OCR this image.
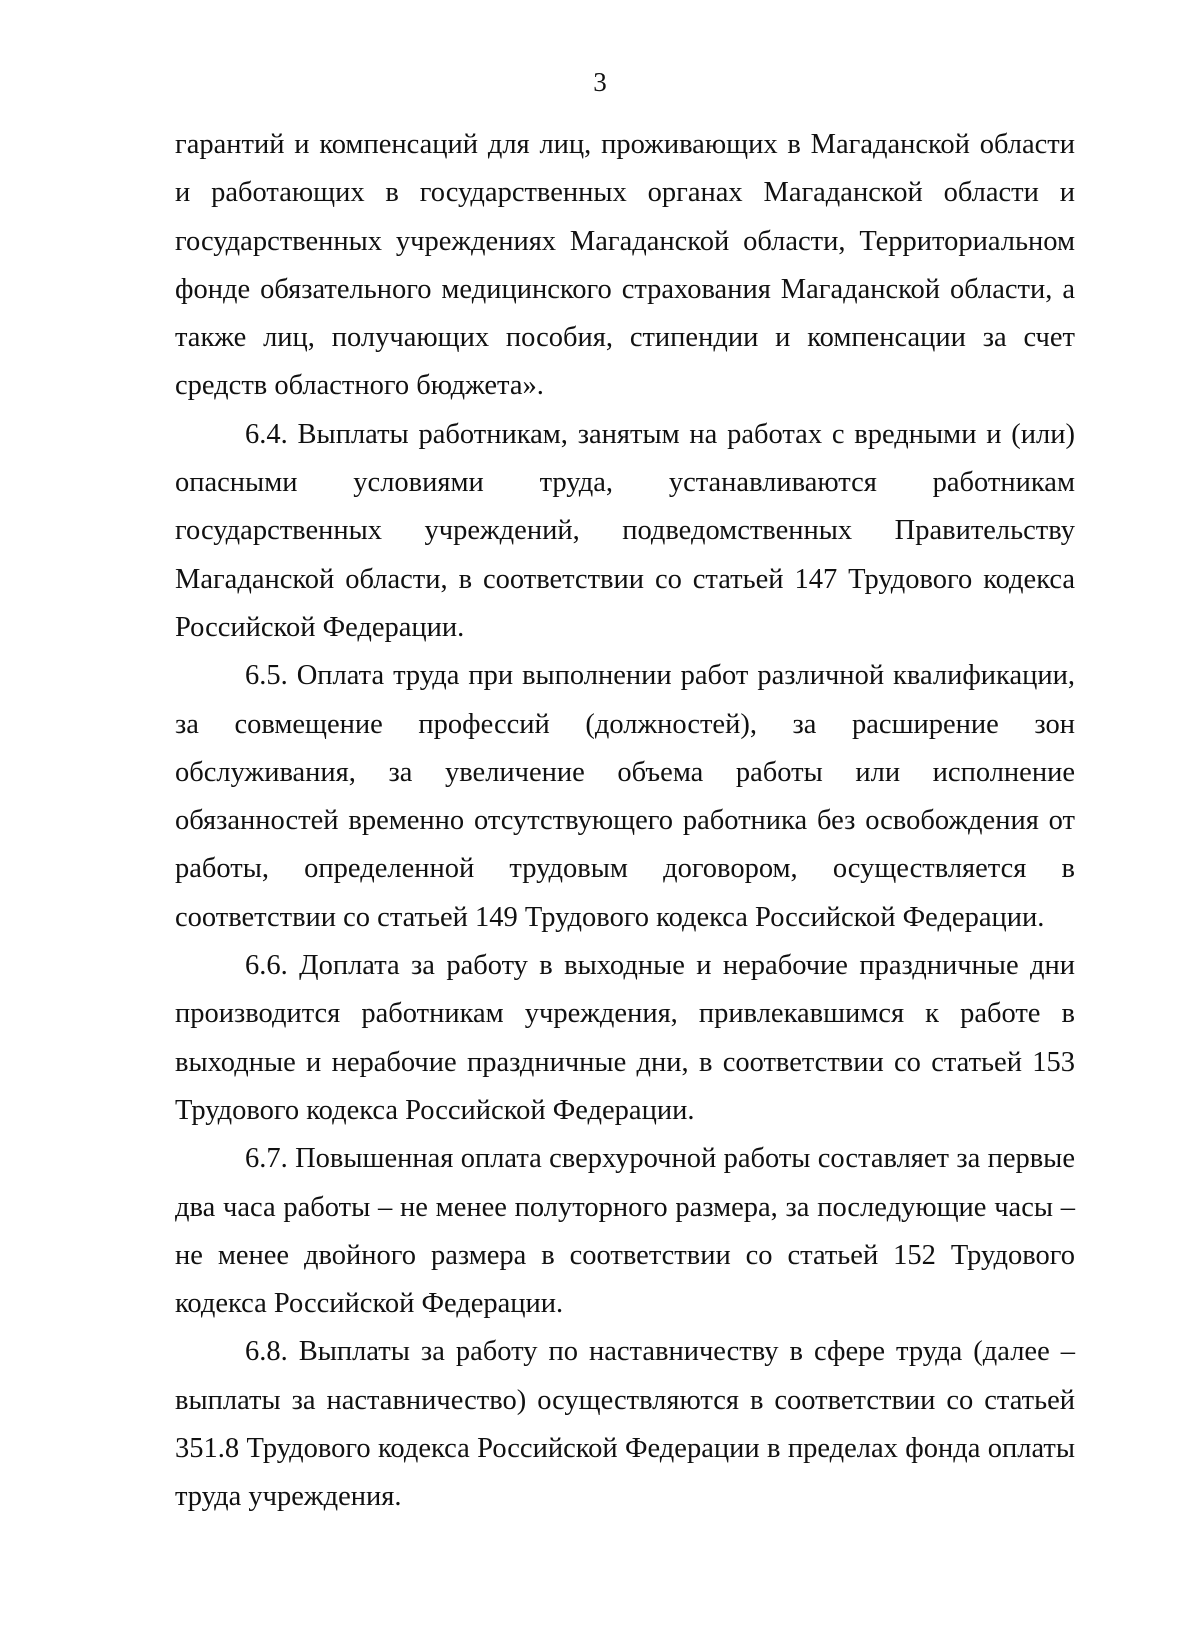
3

гарантий и компенсаций для лиц, проживающих в Магаданской области и работающих в государственных органах Магаданской области и государственных учреждениях Магаданской области, Территориальном фонде обязательного медицинского страхования Магаданской области, а также лиц, получающих пособия, стипендии и компенсации за счет средств областного бюджета».

6.4. Выплаты работникам, занятым на работах с вредными и (или) опасными условиями труда, устанавливаются работникам государственных учреждений, подведомственных Правительству Магаданской области, в соответствии со статьей 147 Трудового кодекса Российской Федерации.

6.5. Оплата труда при выполнении работ различной квалификации, за совмещение профессий (должностей), за расширение зон обслуживания, за увеличение объема работы или исполнение обязанностей временно отсутствующего работника без освобождения от работы, определенной трудовым договором, осуществляется в соответствии со статьей 149 Трудового кодекса Российской Федерации.

6.6. Доплата за работу в выходные и нерабочие праздничные дни производится работникам учреждения, привлекавшимся к работе в выходные и нерабочие праздничные дни, в соответствии со статьей 153 Трудового кодекса Российской Федерации.

6.7. Повышенная оплата сверхурочной работы составляет за первые два часа работы – не менее полуторного размера, за последующие часы – не менее двойного размера в соответствии со статьей 152 Трудового кодекса Российской Федерации.

6.8. Выплаты за работу по наставничеству в сфере труда (далее – выплаты за наставничество) осуществляются в соответствии со статьей 351.8 Трудового кодекса Российской Федерации в пределах фонда оплаты труда учреждения.
